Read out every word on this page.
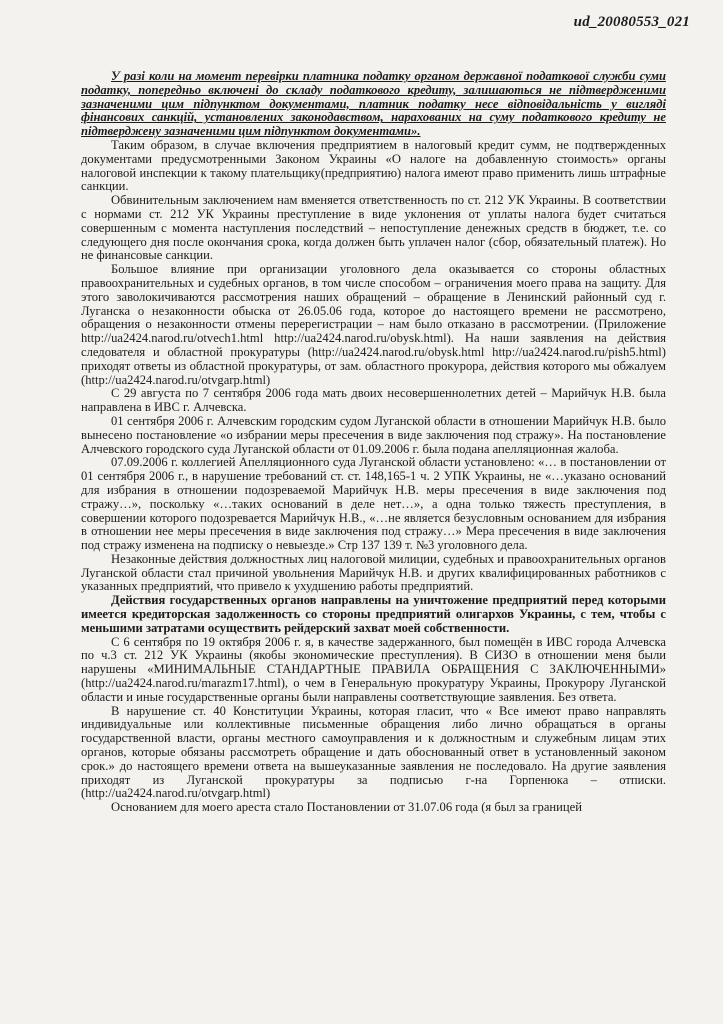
ud_20080553_021

У разі коли на момент перевірки платника податку органом державної податкової служби суми податку, попередньо включені до складу податкового кредиту, залишаються не підтвердженими зазначеними цим підпунктом документами, платник податку несе відповідальність у вигляді фінансових санкцій, установлених законодавством, нарахованих на суму податкового кредиту не підтверджену зазначеними цим підпунктом документами».

Таким образом, в случае включения предприятием в налоговый кредит сумм, не подтвержденных документами предусмотренными Законом Украины «О налоге на добавленную стоимость» органы налоговой инспекции к такому плательщику(предприятию) налога имеют право применить лишь штрафные санкции.

Обвинительным заключением нам вменяется ответственность по ст. 212 УК Украины. В соответствии с нормами ст. 212 УК Украины преступление в виде уклонения от уплаты налога будет считаться совершенным с момента наступления последствий – непоступление денежных средств в бюджет, т.е. со следующего дня после окончания срока, когда должен быть уплачен налог (сбор, обязательный платеж). Но не финансовые санкции.

Большое влияние при организации уголовного дела оказывается со стороны областных правоохранительных и судебных органов, в том числе способом – ограничения моего права на защиту. Для этого заволокичиваются рассмотрения наших обращений – обращение в Ленинский районный суд г. Луганска о незаконности обыска от 26.05.06 года, которое до настоящего времени не рассмотрено, обращения о незаконности отмены перерегистрации – нам было отказано в рассмотрении. (Приложение http://ua2424.narod.ru/otvech1.html http://ua2424.narod.ru/obysk.html). На наши заявления на действия следователя и областной прокуратуры (http://ua2424.narod.ru/obysk.html http://ua2424.narod.ru/pish5.html) приходят ответы из областной прокуратуры, от зам. областного прокурора, действия которого мы обжалуем (http://ua2424.narod.ru/otvgarp.html)

С 29 августа по 7 сентября 2006 года мать двоих несовершеннолетних детей – Марийчук Н.В. была направлена в ИВС г. Алчевска.

01 сентября 2006 г. Алчевским городским судом Луганской области в отношении Марийчук Н.В. было вынесено постановление «о избрании меры пресечения в виде заключения под стражу». На постановление Алчевского городского суда Луганской области от 01.09.2006 г. была подана апелляционная жалоба.

07.09.2006 г. коллегией Апелляционного суда Луганской области установлено: «… в постановлении от 01 сентября 2006 г., в нарушение требований ст. ст. 148,165-1 ч. 2 УПК Украины, не «…указано оснований для избрания в отношении подозреваемой Марийчук Н.В. меры пресечения в виде заключения под стражу…», поскольку «…таких оснований в деле нет…», а одна только тяжесть преступления, в совершении которого подозревается Марийчук Н.В., «…не является безусловным основанием для избрания в отношении нее меры пресечения в виде заключения под стражу…» Мера пресечения в виде заключения под стражу изменена на подписку о невыезде.» Стр 137 139 т. №3 уголовного дела.

Незаконные действия должностных лиц налоговой милиции, судебных и правоохранительных органов Луганской области стал причиной увольнения Марийчук Н.В. и других квалифицированных работников с указанных предприятий, что привело к ухудшению работы предприятий.

Действия государственных органов направлены на уничтожение предприятий перед которыми имеется кредиторская задолженность со стороны предприятий олигархов Украины, с тем, чтобы с меньшими затратами осуществить рейдерский захват моей собственности.

С 6 сентября по 19 октября 2006 г. я, в качестве задержанного, был помещён в ИВС города Алчевска по ч.3 ст. 212 УК Украины (якобы экономические преступления). В СИЗО в отношении меня были нарушены «МИНИМАЛЬНЫЕ СТАНДАРТНЫЕ ПРАВИЛА ОБРАЩЕНИЯ С ЗАКЛЮЧЕННЫМИ» (http://ua2424.narod.ru/marazm17.html), о чем в Генеральную прокуратуру Украины, Прокурору Луганской области и иные государственные органы были направлены соответствующие заявления. Без ответа.

В нарушение ст. 40 Конституции Украины, которая гласит, что « Все имеют право направлять индивидуальные или коллективные письменные обращения либо лично обращаться в органы государственной власти, органы местного самоуправления и к должностным и служебным лицам этих органов, которые обязаны рассмотреть обращение и дать обоснованный ответ в установленный законом срок.» до настоящего времени ответа на вышеуказанные заявления не последовало. На другие заявления приходят из Луганской прокуратуры за подписью г-на Горпенюка – отписки. (http://ua2424.narod.ru/otvgarp.html)

Основанием для моего ареста стало Постановлении от 31.07.06 года (я был за границей
